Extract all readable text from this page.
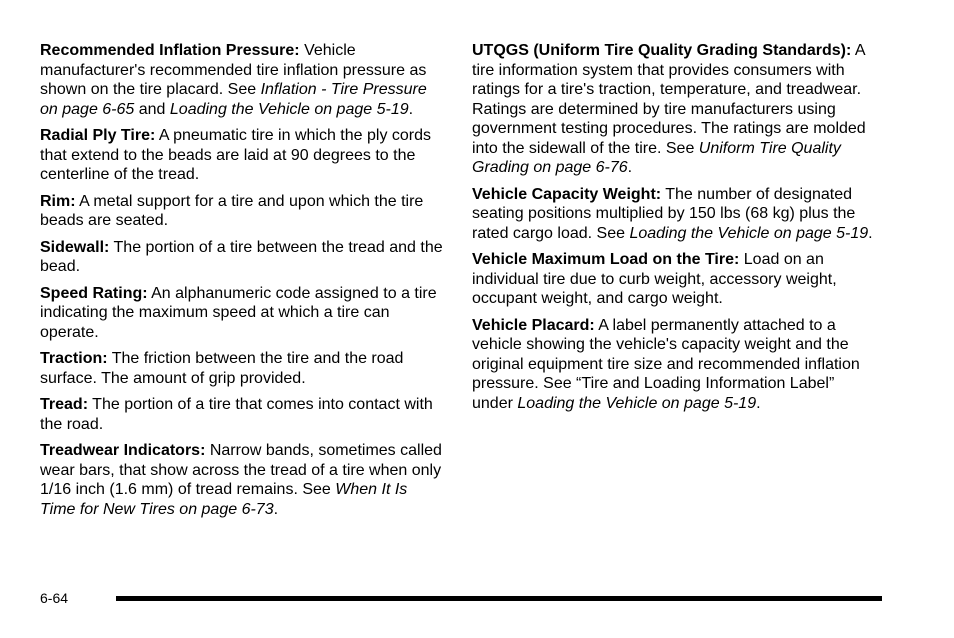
Recommended Inflation Pressure: Vehicle manufacturer's recommended tire inflation pressure as shown on the tire placard. See Inflation - Tire Pressure on page 6-65 and Loading the Vehicle on page 5-19.

Radial Ply Tire: A pneumatic tire in which the ply cords that extend to the beads are laid at 90 degrees to the centerline of the tread.

Rim: A metal support for a tire and upon which the tire beads are seated.

Sidewall: The portion of a tire between the tread and the bead.

Speed Rating: An alphanumeric code assigned to a tire indicating the maximum speed at which a tire can operate.

Traction: The friction between the tire and the road surface. The amount of grip provided.

Tread: The portion of a tire that comes into contact with the road.

Treadwear Indicators: Narrow bands, sometimes called wear bars, that show across the tread of a tire when only 1/16 inch (1.6 mm) of tread remains. See When It Is Time for New Tires on page 6-73.

UTQGS (Uniform Tire Quality Grading Standards): A tire information system that provides consumers with ratings for a tire's traction, temperature, and treadwear. Ratings are determined by tire manufacturers using government testing procedures. The ratings are molded into the sidewall of the tire. See Uniform Tire Quality Grading on page 6-76.

Vehicle Capacity Weight: The number of designated seating positions multiplied by 150 lbs (68 kg) plus the rated cargo load. See Loading the Vehicle on page 5-19.

Vehicle Maximum Load on the Tire: Load on an individual tire due to curb weight, accessory weight, occupant weight, and cargo weight.

Vehicle Placard: A label permanently attached to a vehicle showing the vehicle's capacity weight and the original equipment tire size and recommended inflation pressure. See “Tire and Loading Information Label” under Loading the Vehicle on page 5-19.

6-64
